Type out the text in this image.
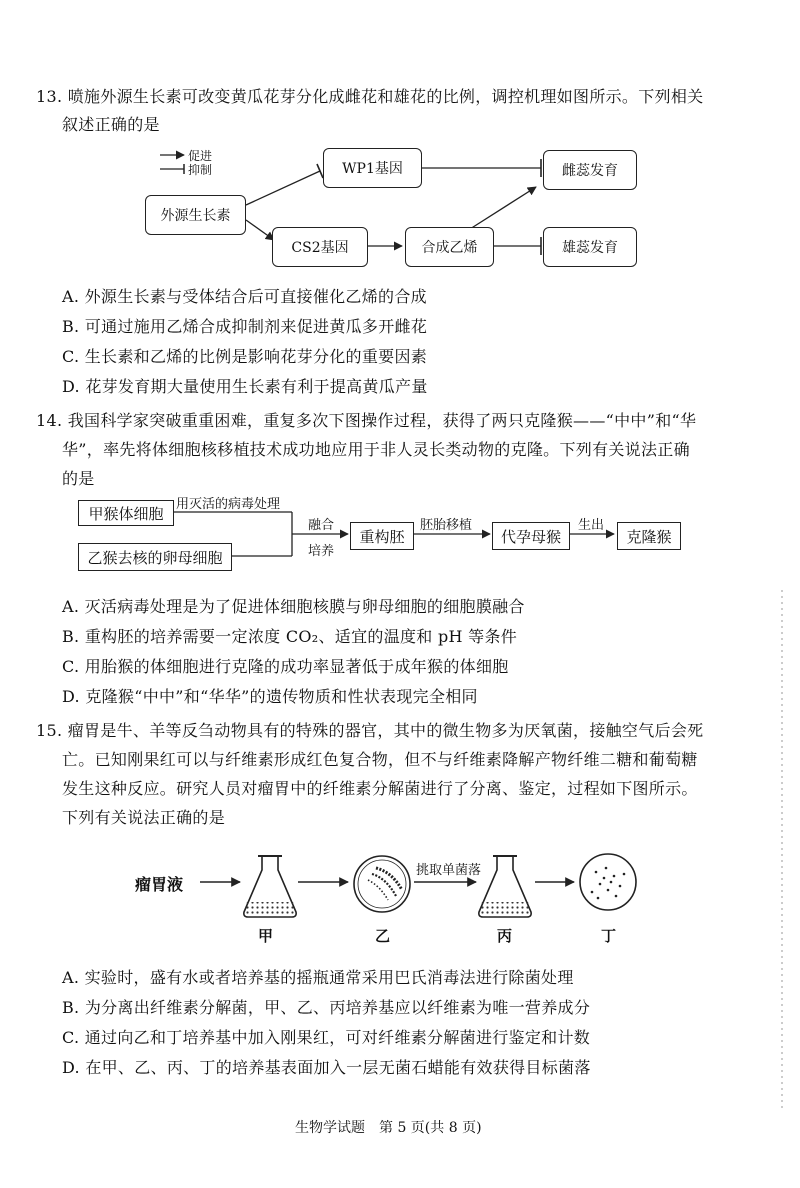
13. 喷施外源生长素可改变黄瓜花芽分化成雌花和雄花的比例，调控机理如图所示。下列相关
叙述正确的是
促进
抑制
外源生长素
WP1基因
CS2基因	合成乙烯
雌蕊发育
雄蕊发育
A. 外源生长素与受体结合后可直接催化乙烯的合成
B. 可通过施用乙烯合成抑制剂来促进黄瓜多开雌花
C. 生长素和乙烯的比例是影响花芽分化的重要因素
D. 花芽发育期大量使用生长素有利于提高黄瓜产量
14. 我国科学家突破重重困难，重复多次下图操作过程，获得了两只克隆猴——“中中”和“华
华”，率先将体细胞核移植技术成功地应用于非人灵长类动物的克隆。下列有关说法正确
的是
甲猴体细胞 用灭活的病毒处理
乙猴去核的卵母细胞
融合
培养
重构胚
胚胎移植
代孕母猴
生出
克隆猴
A. 灭活病毒处理是为了促进体细胞核膜与卵母细胞的细胞膜融合
B. 重构胚的培养需要一定浓度 CO₂、适宜的温度和 pH 等条件
C. 用胎猴的体细胞进行克隆的成功率显著低于成年猴的体细胞
D. 克隆猴“中中”和“华华”的遗传物质和性状表现完全相同
15. 瘤胃是牛、羊等反刍动物具有的特殊的器官，其中的微生物多为厌氧菌，接触空气后会死
亡。已知刚果红可以与纤维素形成红色复合物，但不与纤维素降解产物纤维二糖和葡萄糖
发生这种反应。研究人员对瘤胃中的纤维素分解菌进行了分离、鉴定，过程如下图所示。
下列有关说法正确的是
瘤胃液
挑取单菌落
甲	乙	丙	丁
A. 实验时，盛有水或者培养基的摇瓶通常采用巴氏消毒法进行除菌处理
B. 为分离出纤维素分解菌，甲、乙、丙培养基应以纤维素为唯一营养成分
C. 通过向乙和丁培养基中加入刚果红，可对纤维素分解菌进行鉴定和计数
D. 在甲、乙、丙、丁的培养基表面加入一层无菌石蜡能有效获得目标菌落
生物学试题　第 5 页(共 8 页)
